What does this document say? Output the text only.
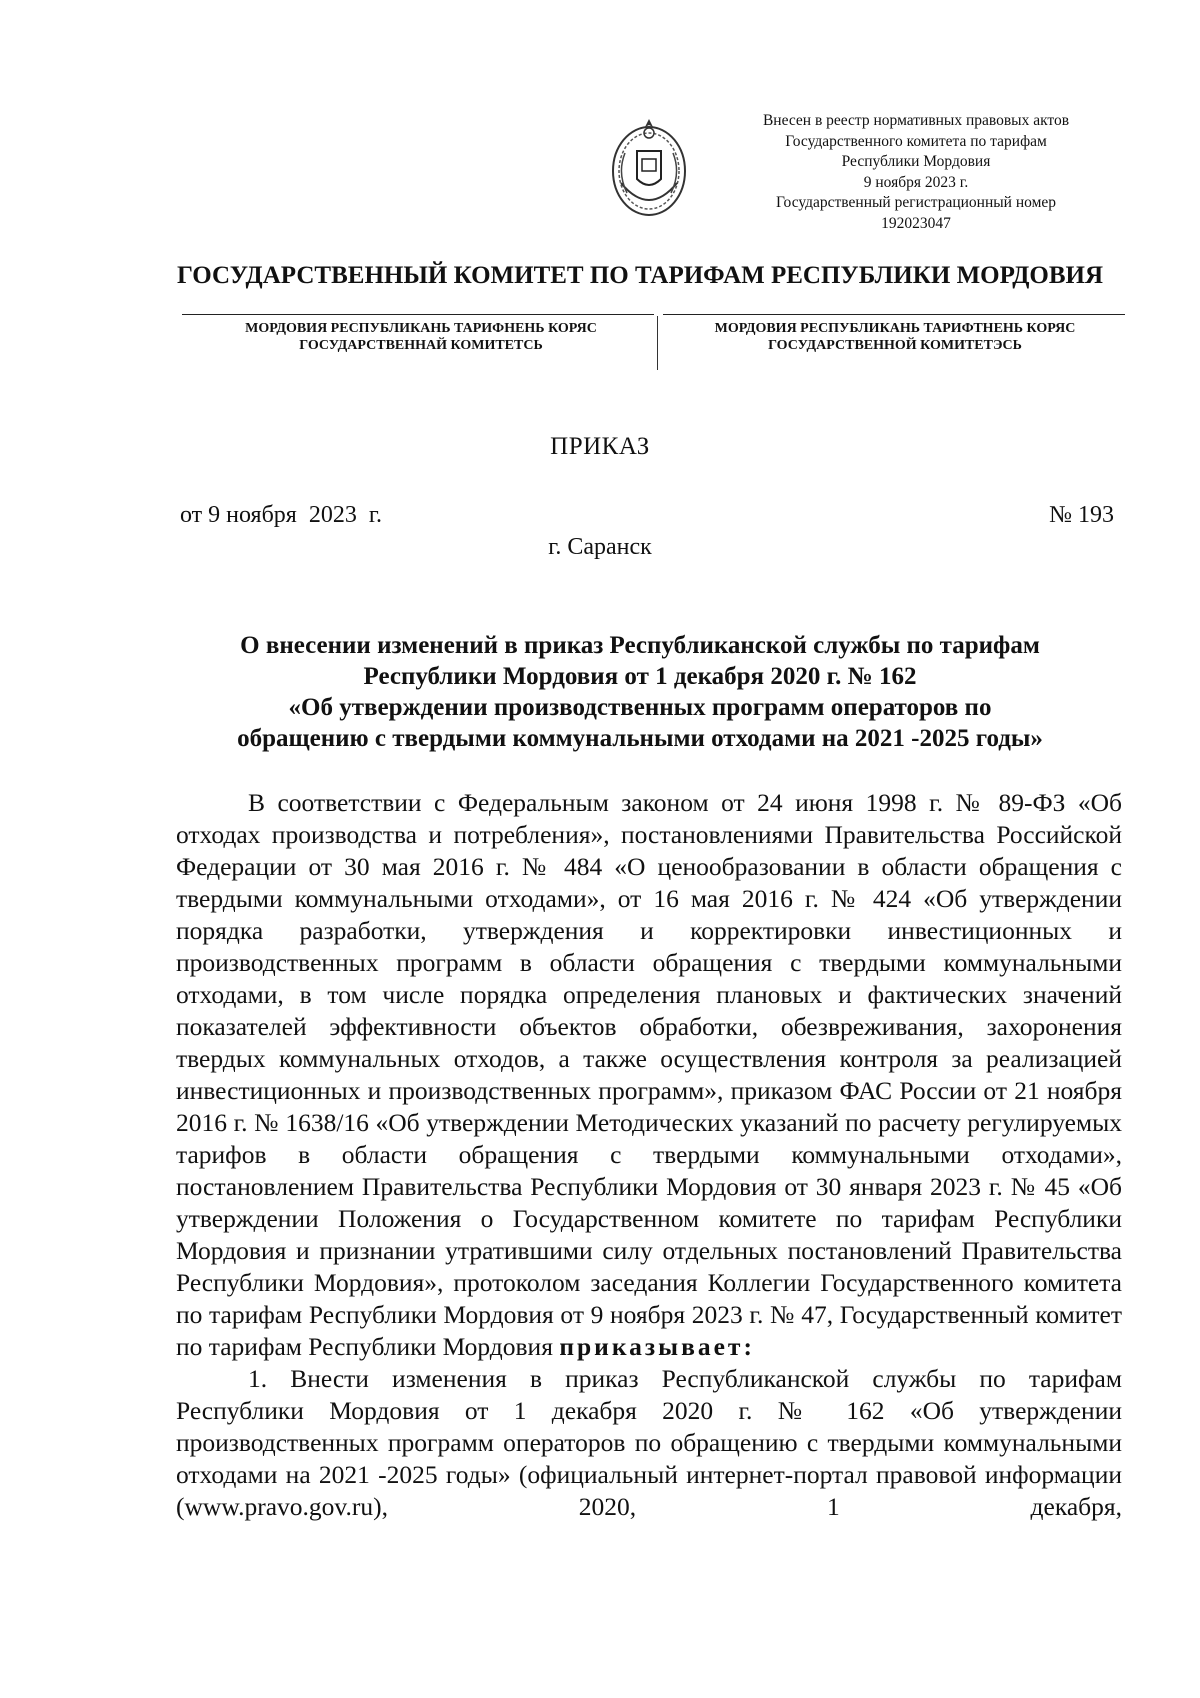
Внесен в реестр нормативных правовых актов
Государственного комитета по тарифам
Республики Мордовия
9 ноября 2023 г.
Государственный регистрационный номер
192023047
ГОСУДАРСТВЕННЫЙ КОМИТЕТ ПО ТАРИФАМ РЕСПУБЛИКИ МОРДОВИЯ
МОРДОВИЯ РЕСПУБЛИКАНЬ ТАРИФНЕНЬ КОРЯС
ГОСУДАРСТВЕННАЙ КОМИТЕТСЬ
МОРДОВИЯ РЕСПУБЛИКАНЬ ТАРИФТНЕНЬ КОРЯС
ГОСУДАРСТВЕННОЙ КОМИТЕТЭСЬ
ПРИКАЗ
от 9 ноября  2023  г.	№ 193
г. Саранск
О внесении изменений в приказ Республиканской службы по тарифам
Республики Мордовия от 1 декабря 2020 г. № 162
«Об утверждении производственных программ операторов по
обращению с твердыми коммунальными отходами на 2021 -2025 годы»

В соответствии с Федеральным законом от 24 июня 1998 г. № 89-ФЗ «Об отходах производства и потребления», постановлениями Правительства Российской Федерации от 30 мая 2016 г. № 484 «О ценообразовании в области обращения с твердыми коммунальными отходами», от 16 мая 2016 г. № 424 «Об утверждении порядка разработки, утверждения и корректировки инвестиционных и производственных программ в области обращения с твердыми коммунальными отходами, в том числе порядка определения плановых и фактических значений показателей эффективности объектов обработки, обезвреживания, захоронения твердых коммунальных отходов, а также осуществления контроля за реализацией инвестиционных и производственных программ», приказом ФАС России от 21 ноября 2016 г. № 1638/16 «Об утверждении Методических указаний по расчету регулируемых тарифов в области обращения с твердыми коммунальными отходами», постановлением Правительства Республики Мордовия от 30 января 2023 г. № 45 «Об утверждении Положения о Государственном комитете по тарифам Республики Мордовия и признании утратившими силу отдельных постановлений Правительства Республики Мордовия», протоколом заседания Коллегии Государственного комитета по тарифам Республики Мордовия от 9 ноября 2023 г. № 47, Государственный комитет по тарифам Республики Мордовия приказывает:

1. Внести изменения в приказ Республиканской службы по тарифам Республики Мордовия от 1 декабря 2020 г. № 162 «Об утверждении производственных программ операторов по обращению с твердыми коммунальными отходами на 2021 -2025 годы» (официальный интернет-портал правовой информации (www.pravo.gov.ru), 2020, 1 декабря,
